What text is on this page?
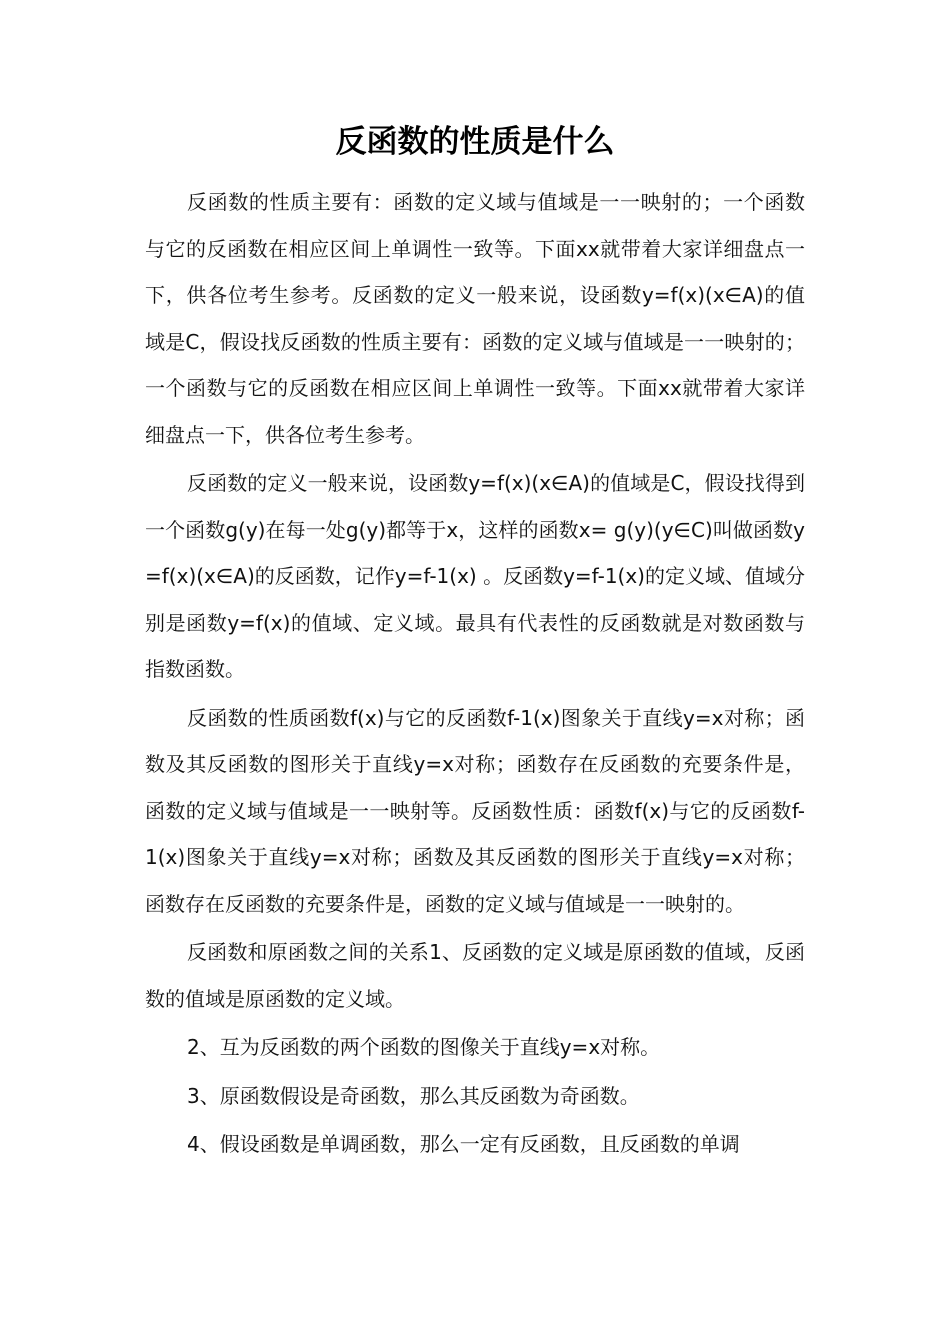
反函数的性质是什么

反函数的性质主要有：函数的定义域与值域是一一映射的；一个函数与它的反函数在相应区间上单调性一致等。下面xx就带着大家详细盘点一下，供各位考生参考。反函数的定义一般来说，设函数y=f(x)(x∈A)的值域是C，假设找反函数的性质主要有：函数的定义域与值域是一一映射的；一个函数与它的反函数在相应区间上单调性一致等。下面xx就带着大家详细盘点一下，供各位考生参考。

反函数的定义一般来说，设函数y=f(x)(x∈A)的值域是C，假设找得到一个函数g(y)在每一处g(y)都等于x，这样的函数x= g(y)(y∈C)叫做函数y=f(x)(x∈A)的反函数，记作y=f-1(x) 。反函数y=f-1(x)的定义域、值域分别是函数y=f(x)的值域、定义域。最具有代表性的反函数就是对数函数与指数函数。

反函数的性质函数f(x)与它的反函数f-1(x)图象关于直线y=x对称；函数及其反函数的图形关于直线y=x对称；函数存在反函数的充要条件是，函数的定义域与值域是一一映射等。反函数性质：函数f(x)与它的反函数f-1(x)图象关于直线y=x对称；函数及其反函数的图形关于直线y=x对称；函数存在反函数的充要条件是，函数的定义域与值域是一一映射的。

反函数和原函数之间的关系1、反函数的定义域是原函数的值域，反函数的值域是原函数的定义域。

2、互为反函数的两个函数的图像关于直线y=x对称。

3、原函数假设是奇函数，那么其反函数为奇函数。

4、假设函数是单调函数，那么一定有反函数，且反函数的单调
